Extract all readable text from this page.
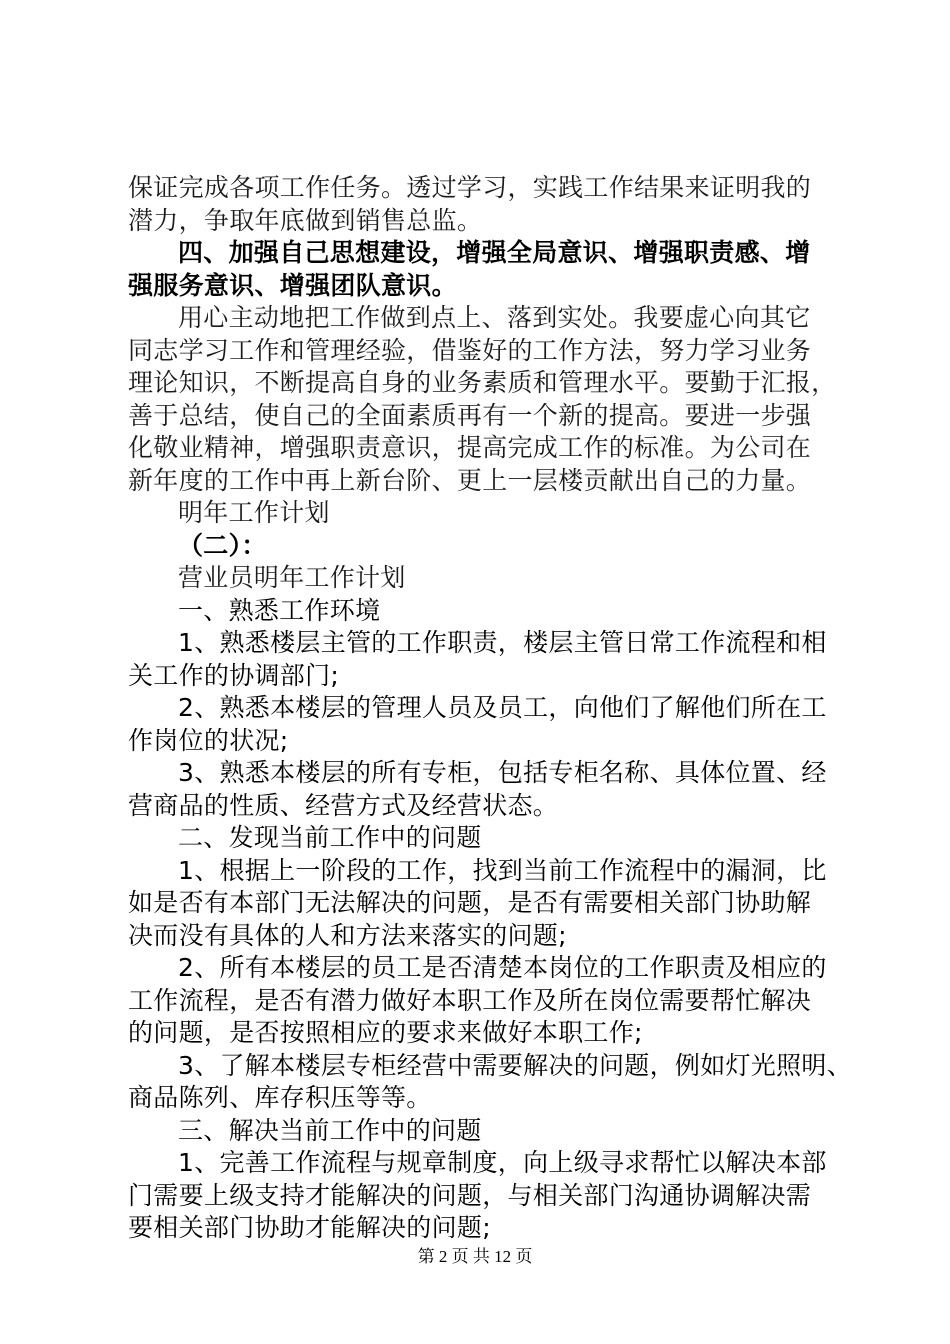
保证完成各项工作任务。透过学习，实践工作结果来证明我的

潜力，争取年底做到销售总监。

四、加强自己思想建设，增强全局意识、增强职责感、增

强服务意识、增强团队意识。

用心主动地把工作做到点上、落到实处。我要虚心向其它

同志学习工作和管理经验，借鉴好的工作方法，努力学习业务

理论知识，不断提高自身的业务素质和管理水平。要勤于汇报，

善于总结，使自己的全面素质再有一个新的提高。要进一步强

化敬业精神，增强职责意识，提高完成工作的标准。为公司在

新年度的工作中再上新台阶、更上一层楼贡献出自己的力量。

明年工作计划

（二）：

营业员明年工作计划

一、熟悉工作环境

1、熟悉楼层主管的工作职责，楼层主管日常工作流程和相

关工作的协调部门;

2、熟悉本楼层的管理人员及员工，向他们了解他们所在工

作岗位的状况;

3、熟悉本楼层的所有专柜，包括专柜名称、具体位置、经

营商品的性质、经营方式及经营状态。

二、发现当前工作中的问题

1、根据上一阶段的工作，找到当前工作流程中的漏洞，比

如是否有本部门无法解决的问题，是否有需要相关部门协助解

决而没有具体的人和方法来落实的问题;

2、所有本楼层的员工是否清楚本岗位的工作职责及相应的

工作流程，是否有潜力做好本职工作及所在岗位需要帮忙解决

的问题，是否按照相应的要求来做好本职工作;

3、了解本楼层专柜经营中需要解决的问题，例如灯光照明、

商品陈列、库存积压等等。

三、解决当前工作中的问题

1、完善工作流程与规章制度，向上级寻求帮忙以解决本部

门需要上级支持才能解决的问题，与相关部门沟通协调解决需

要相关部门协助才能解决的问题;

第 2 页 共 12 页
